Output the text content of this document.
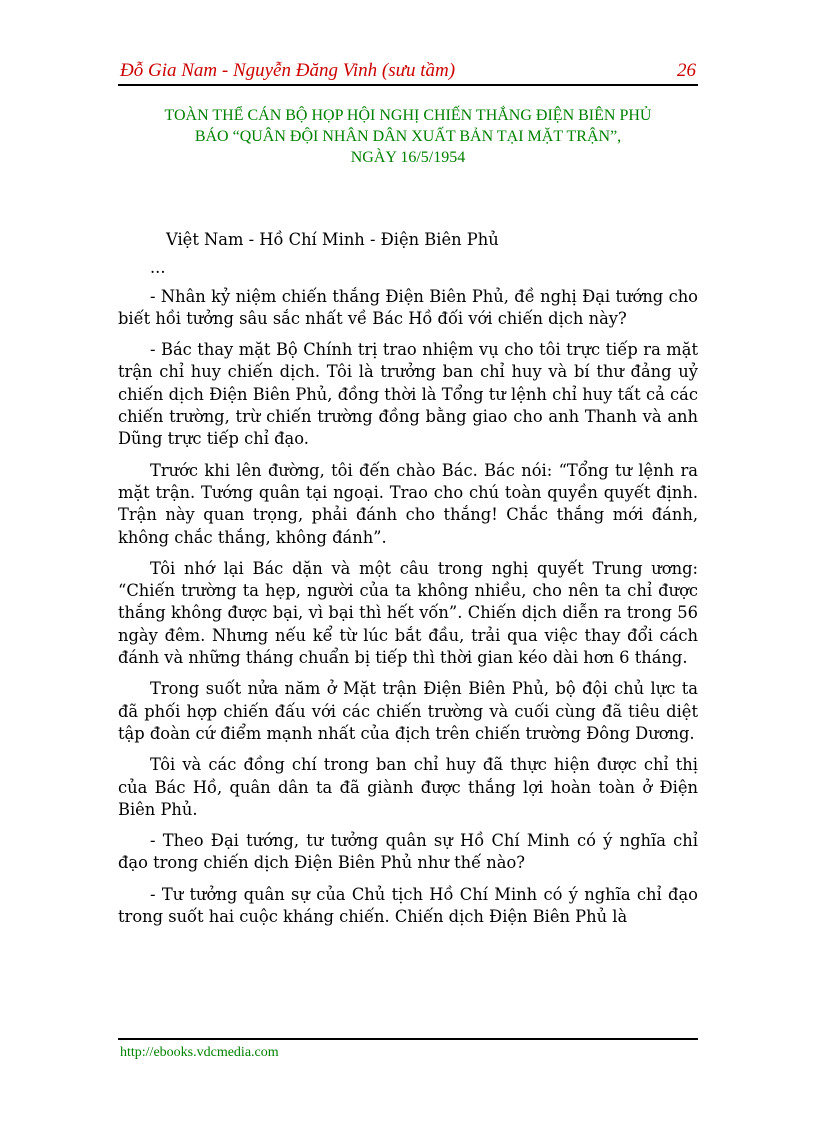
Đỗ Gia Nam - Nguyễn Đăng Vinh (sưu tầm)	26
TOÀN THỂ CÁN BỘ HỌP HỘI NGHỊ CHIẾN THẮNG ĐIỆN BIÊN PHỦ
BÁO “QUÂN ĐỘI NHÂN DÂN XUẤT BẢN TẠI MẶT TRẬN”,
NGÀY 16/5/1954

Việt Nam - Hồ Chí Minh - Điện Biên Phủ

...

- Nhân kỷ niệm chiến thắng Điện Biên Phủ, đề nghị Đại tướng cho biết hồi tưởng sâu sắc nhất về Bác Hồ đối với chiến dịch này?

- Bác thay mặt Bộ Chính trị trao nhiệm vụ cho tôi trực tiếp ra mặt trận chỉ huy chiến dịch. Tôi là trưởng ban chỉ huy và bí thư đảng uỷ chiến dịch Điện Biên Phủ, đồng thời là Tổng tư lệnh chỉ huy tất cả các chiến trường, trừ chiến trường đồng bằng giao cho anh Thanh và anh Dũng trực tiếp chỉ đạo.

Trước khi lên đường, tôi đến chào Bác. Bác nói: “Tổng tư lệnh ra mặt trận. Tướng quân tại ngoại. Trao cho chú toàn quyền quyết định. Trận này quan trọng, phải đánh cho thắng! Chắc thắng mới đánh, không chắc thắng, không đánh”.

Tôi nhớ lại Bác dặn và một câu trong nghị quyết Trung ương: “Chiến trường ta hẹp, người của ta không nhiều, cho nên ta chỉ được thắng không được bại, vì bại thì hết vốn”. Chiến dịch diễn ra trong 56 ngày đêm. Nhưng nếu kể từ lúc bắt đầu, trải qua việc thay đổi cách đánh và những tháng chuẩn bị tiếp thì thời gian kéo dài hơn 6 tháng.

Trong suốt nửa năm ở Mặt trận Điện Biên Phủ, bộ đội chủ lực ta đã phối hợp chiến đấu với các chiến trường và cuối cùng đã tiêu diệt tập đoàn cứ điểm mạnh nhất của địch trên chiến trường Đông Dương.

Tôi và các đồng chí trong ban chỉ huy đã thực hiện được chỉ thị của Bác Hồ, quân dân ta đã giành được thắng lợi hoàn toàn ở Điện Biên Phủ.

- Theo Đại tướng, tư tưởng quân sự Hồ Chí Minh có ý nghĩa chỉ đạo trong chiến dịch Điện Biên Phủ như thế nào?

- Tư tưởng quân sự của Chủ tịch Hồ Chí Minh có ý nghĩa chỉ đạo trong suốt hai cuộc kháng chiến. Chiến dịch Điện Biên Phủ là

http://ebooks.vdcmedia.com
